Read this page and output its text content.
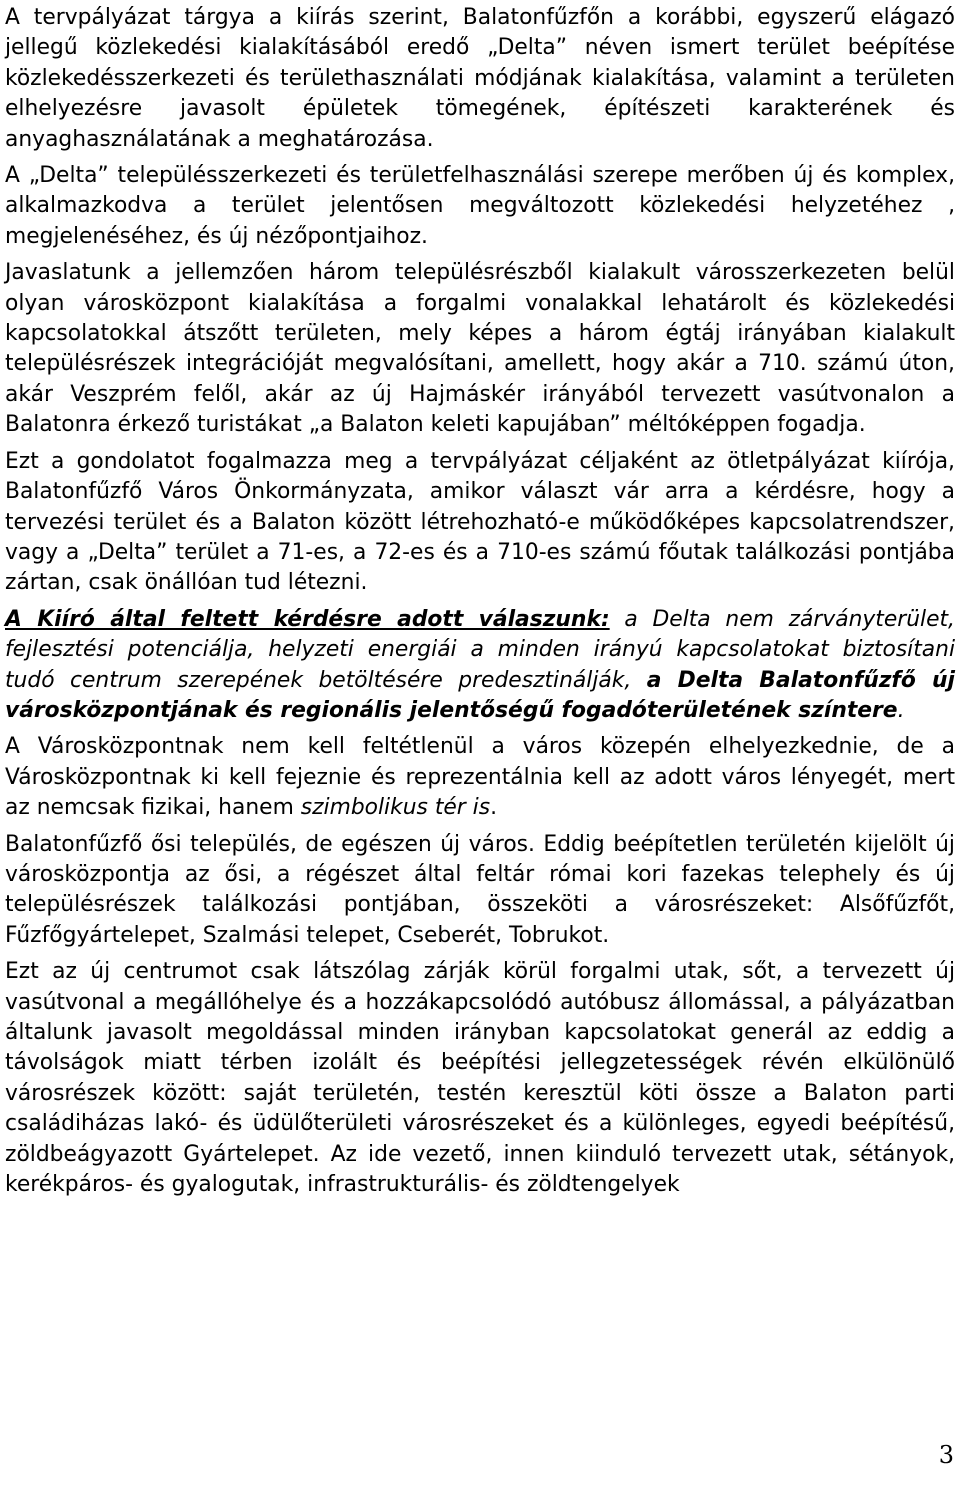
A tervpályázat tárgya a kiírás szerint, Balatonfűzfőn a korábbi, egyszerű elágazó jellegű közlekedési kialakításából eredő „Delta” néven ismert terület beépítése közlekedésszerkezeti és területhasználati módjának kialakítása, valamint a területen elhelyezésre javasolt épületek tömegének, építészeti karakterének és anyaghasználatának a meghatározása.

A „Delta” településszerkezeti és területfelhasználási szerepe merőben új és komplex, alkalmazkodva a terület jelentősen megváltozott közlekedési helyzetéhez , megjelenéséhez, és új nézőpontjaihoz.

Javaslatunk a jellemzően három településrészből kialakult városszerkezeten belül olyan városközpont kialakítása a forgalmi vonalakkal lehatárolt és közlekedési kapcsolatokkal átszőtt területen, mely képes a három égtáj irányában kialakult településrészek integrációját megvalósítani, amellett, hogy akár a 710. számú úton, akár Veszprém felől, akár az új Hajmáskér irányából tervezett vasútvonalon a Balatonra érkező turistákat „a Balaton keleti kapujában” méltóképpen fogadja.

Ezt a gondolatot fogalmazza meg a tervpályázat céljaként az ötletpályázat kiírója, Balatonfűzfő Város Önkormányzata, amikor választ vár arra a kérdésre, hogy a tervezési terület és a Balaton között létrehozható-e működőképes kapcsolatrendszer, vagy a „Delta” terület a 71-es, a 72-es és a 710-es számú főutak találkozási pontjába zártan, csak önállóan tud létezni.

A Kiíró által feltett kérdésre adott válaszunk: a Delta nem zárványterület, fejlesztési potenciálja, helyzeti energiái a minden irányú kapcsolatokat biztosítani tudó centrum szerepének betöltésére predesztinálják, a Delta Balatonfűzfő új városközpontjának és regionális jelentőségű fogadóterületének színtere.

A Városközpontnak nem kell feltétlenül a város közepén elhelyezkednie, de a Városközpontnak ki kell fejeznie és reprezentálnia kell az adott város lényegét, mert az nemcsak fizikai, hanem szimbolikus tér is.

Balatonfűzfő ősi település, de egészen új város. Eddig beépítetlen területén kijelölt új városközpontja az ősi, a régészet által feltár római kori fazekas telephely és új településrészek találkozási pontjában, összeköti a városrészeket: Alsőfűzfőt, Fűzfőgyártelepet, Szalmási telepet, Cseberét, Tobrukot.

Ezt az új centrumot csak látszólag zárják körül forgalmi utak, sőt, a tervezett új vasútvonal a megállóhelye és a hozzákapcsolódó autóbusz állomással, a pályázatban általunk javasolt megoldással minden irányban kapcsolatokat generál az eddig a távolságok miatt térben izolált és beépítési jellegzetességek révén elkülönülő városrészek között: saját területén, testén keresztül köti össze a Balaton parti családiházas lakó- és üdülőterületi városrészeket és a különleges, egyedi beépítésű, zöldbeágyazott Gyártelepet. Az ide vezető, innen kiinduló tervezett utak, sétányok, kerékpáros- és gyalogutak, infrastrukturális- és zöldtengelyek

3
